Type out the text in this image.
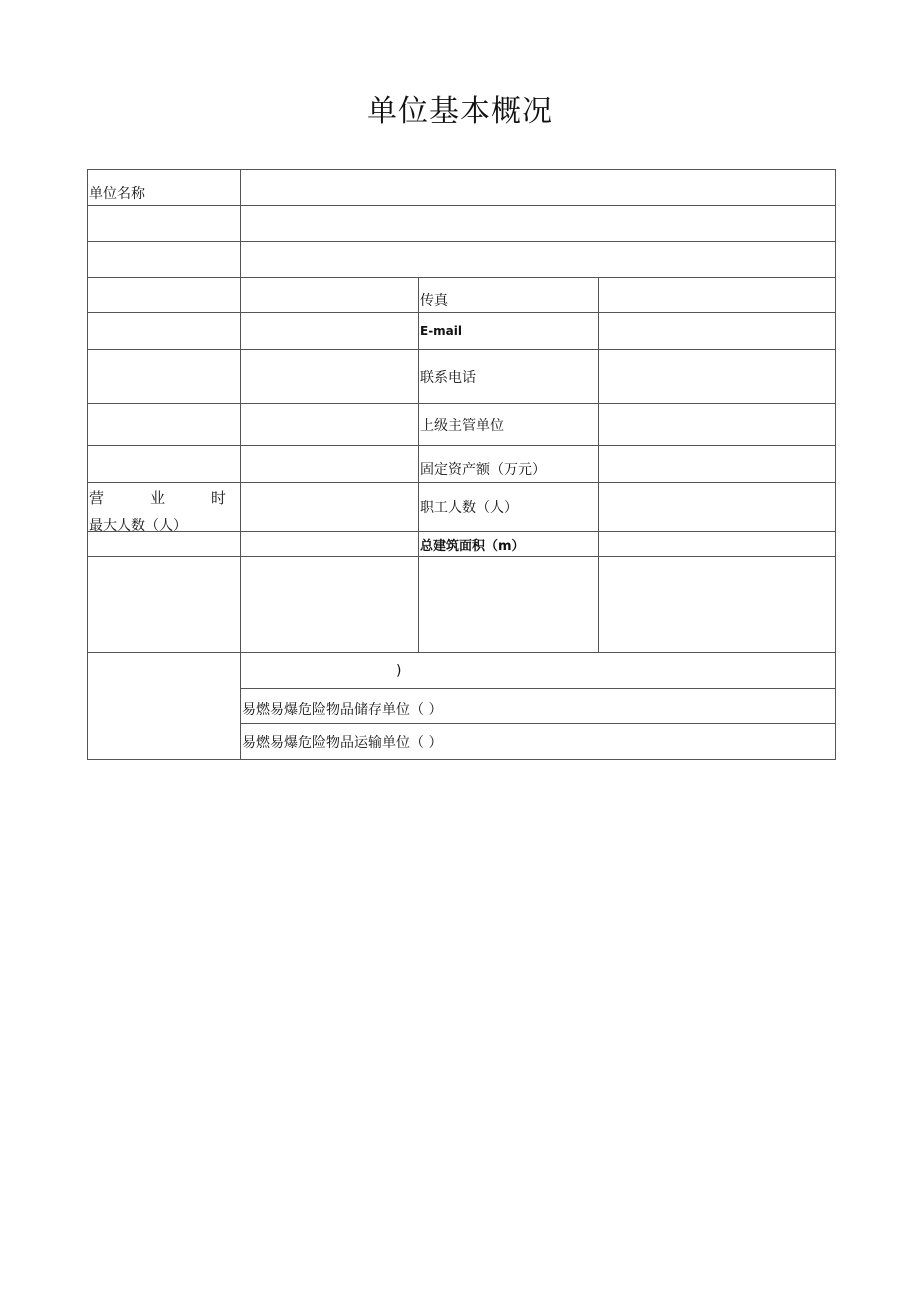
单位基本概况
单位名称			

		传真	

		E-mail	
		联系电话	
		上级主管单位	

		固定资产额（万元）	

营 业 时
最大人数（人）		职工人数（人）	
		总建筑面积（m）	

	)		

	易燃易爆危险物品储存单位（ ）		

	易燃易爆危险物品运输单位（ ）		
